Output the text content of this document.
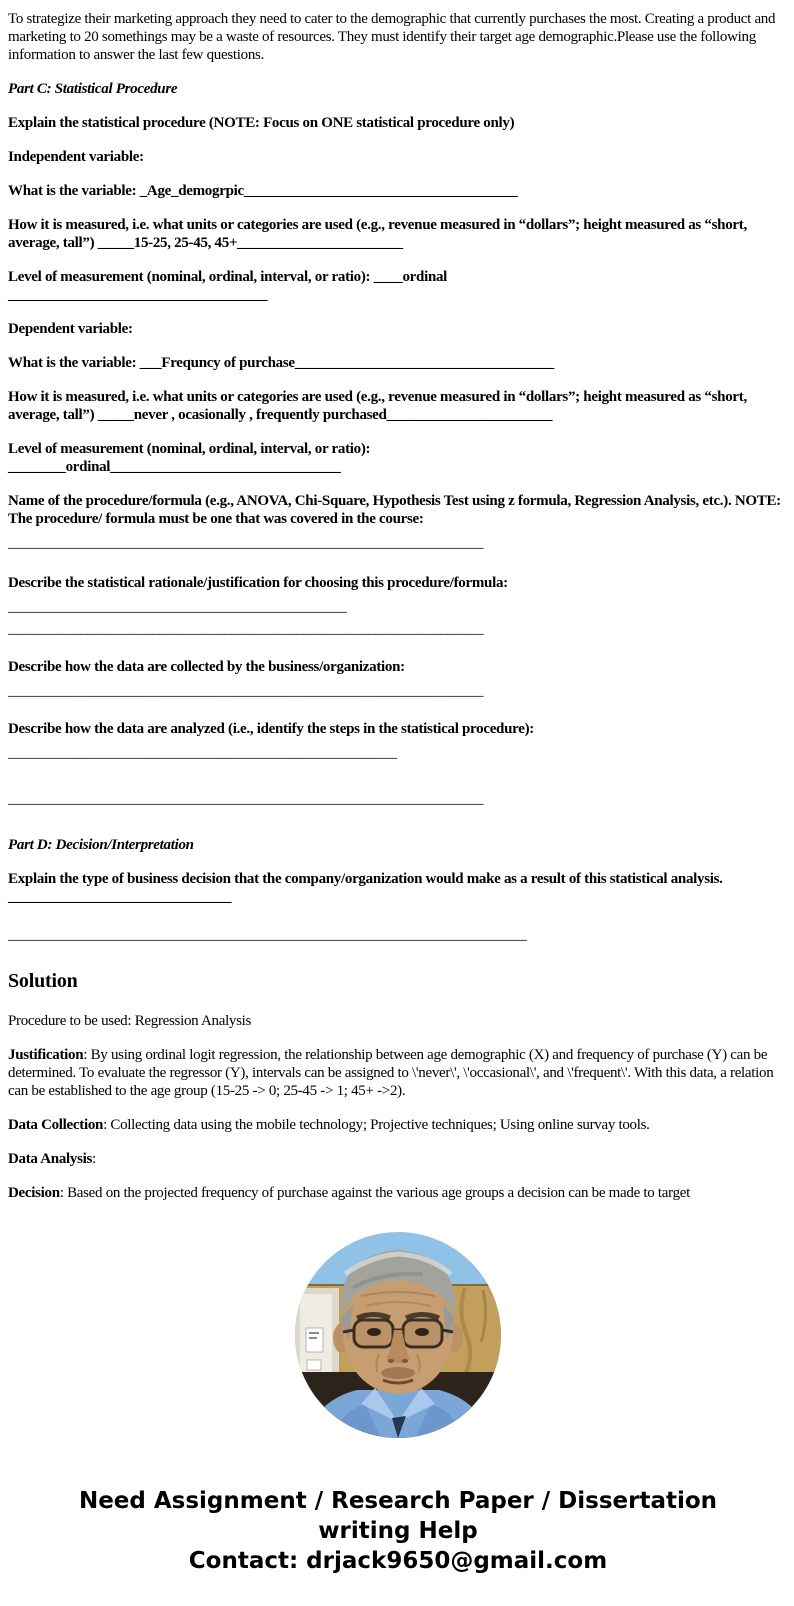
To strategize their marketing approach they need to cater to the demographic that currently purchases the most. Creating a product and marketing to 20 somethings may be a waste of resources. They must identify their target age demographic.Please use the following information to answer the last few questions.

Part C: Statistical Procedure

Explain the statistical procedure (NOTE: Focus on ONE statistical procedure only)

Independent variable:

What is the variable: _Age_demogrpic______________________________________

How it is measured, i.e. what units or categories are used (e.g., revenue measured in “dollars”; height measured as “short, average, tall”) _____15-25, 25-45, 45+_______________________

Level of measurement (nominal, ordinal, interval, or ratio): ____ordinal
____________________________________

Dependent variable:

What is the variable: ___Frequncy of purchase____________________________________

How it is measured, i.e. what units or categories are used (e.g., revenue measured in “dollars”; height measured as “short, average, tall”) _____never , ocasionally , frequently purchased_______________________

Level of measurement (nominal, ordinal, interval, or ratio):
________ordinal________________________________

Name of the procedure/formula (e.g., ANOVA, Chi-Square, Hypothesis Test using z formula, Regression Analysis, etc.). NOTE: The procedure/ formula must be one that was covered in the course:

__________________________________________________________________

Describe the statistical rationale/justification for choosing this procedure/formula:

_______________________________________________

__________________________________________________________________

Describe how the data are collected by the business/organization:

__________________________________________________________________

Describe how the data are analyzed (i.e., identify the steps in the statistical procedure):

______________________________________________________

__________________________________________________________________

Part D: Decision/Interpretation

Explain the type of business decision that the company/organization would make as a result of this statistical analysis. _______________________________

________________________________________________________________________

Solution

Procedure to be used: Regression Analysis

Justification: By using ordinal logit regression, the relationship between age demographic (X) and frequency of purchase (Y) can be determined. To evaluate the regressor (Y), intervals can be assigned to \'never\', \'occasional\', and \'frequent\'. With this data, a relation can be established to the age group (15-25 -> 0; 25-45 -> 1; 45+ ->2).

Data Collection: Collecting data using the mobile technology; Projective techniques; Using online survay tools.

Data Analysis:

Decision: Based on the projected frequency of purchase against the various age groups a decision can be made to target

Need Assignment / Research Paper / Dissertation
writing Help
Contact: drjack9650@gmail.com
